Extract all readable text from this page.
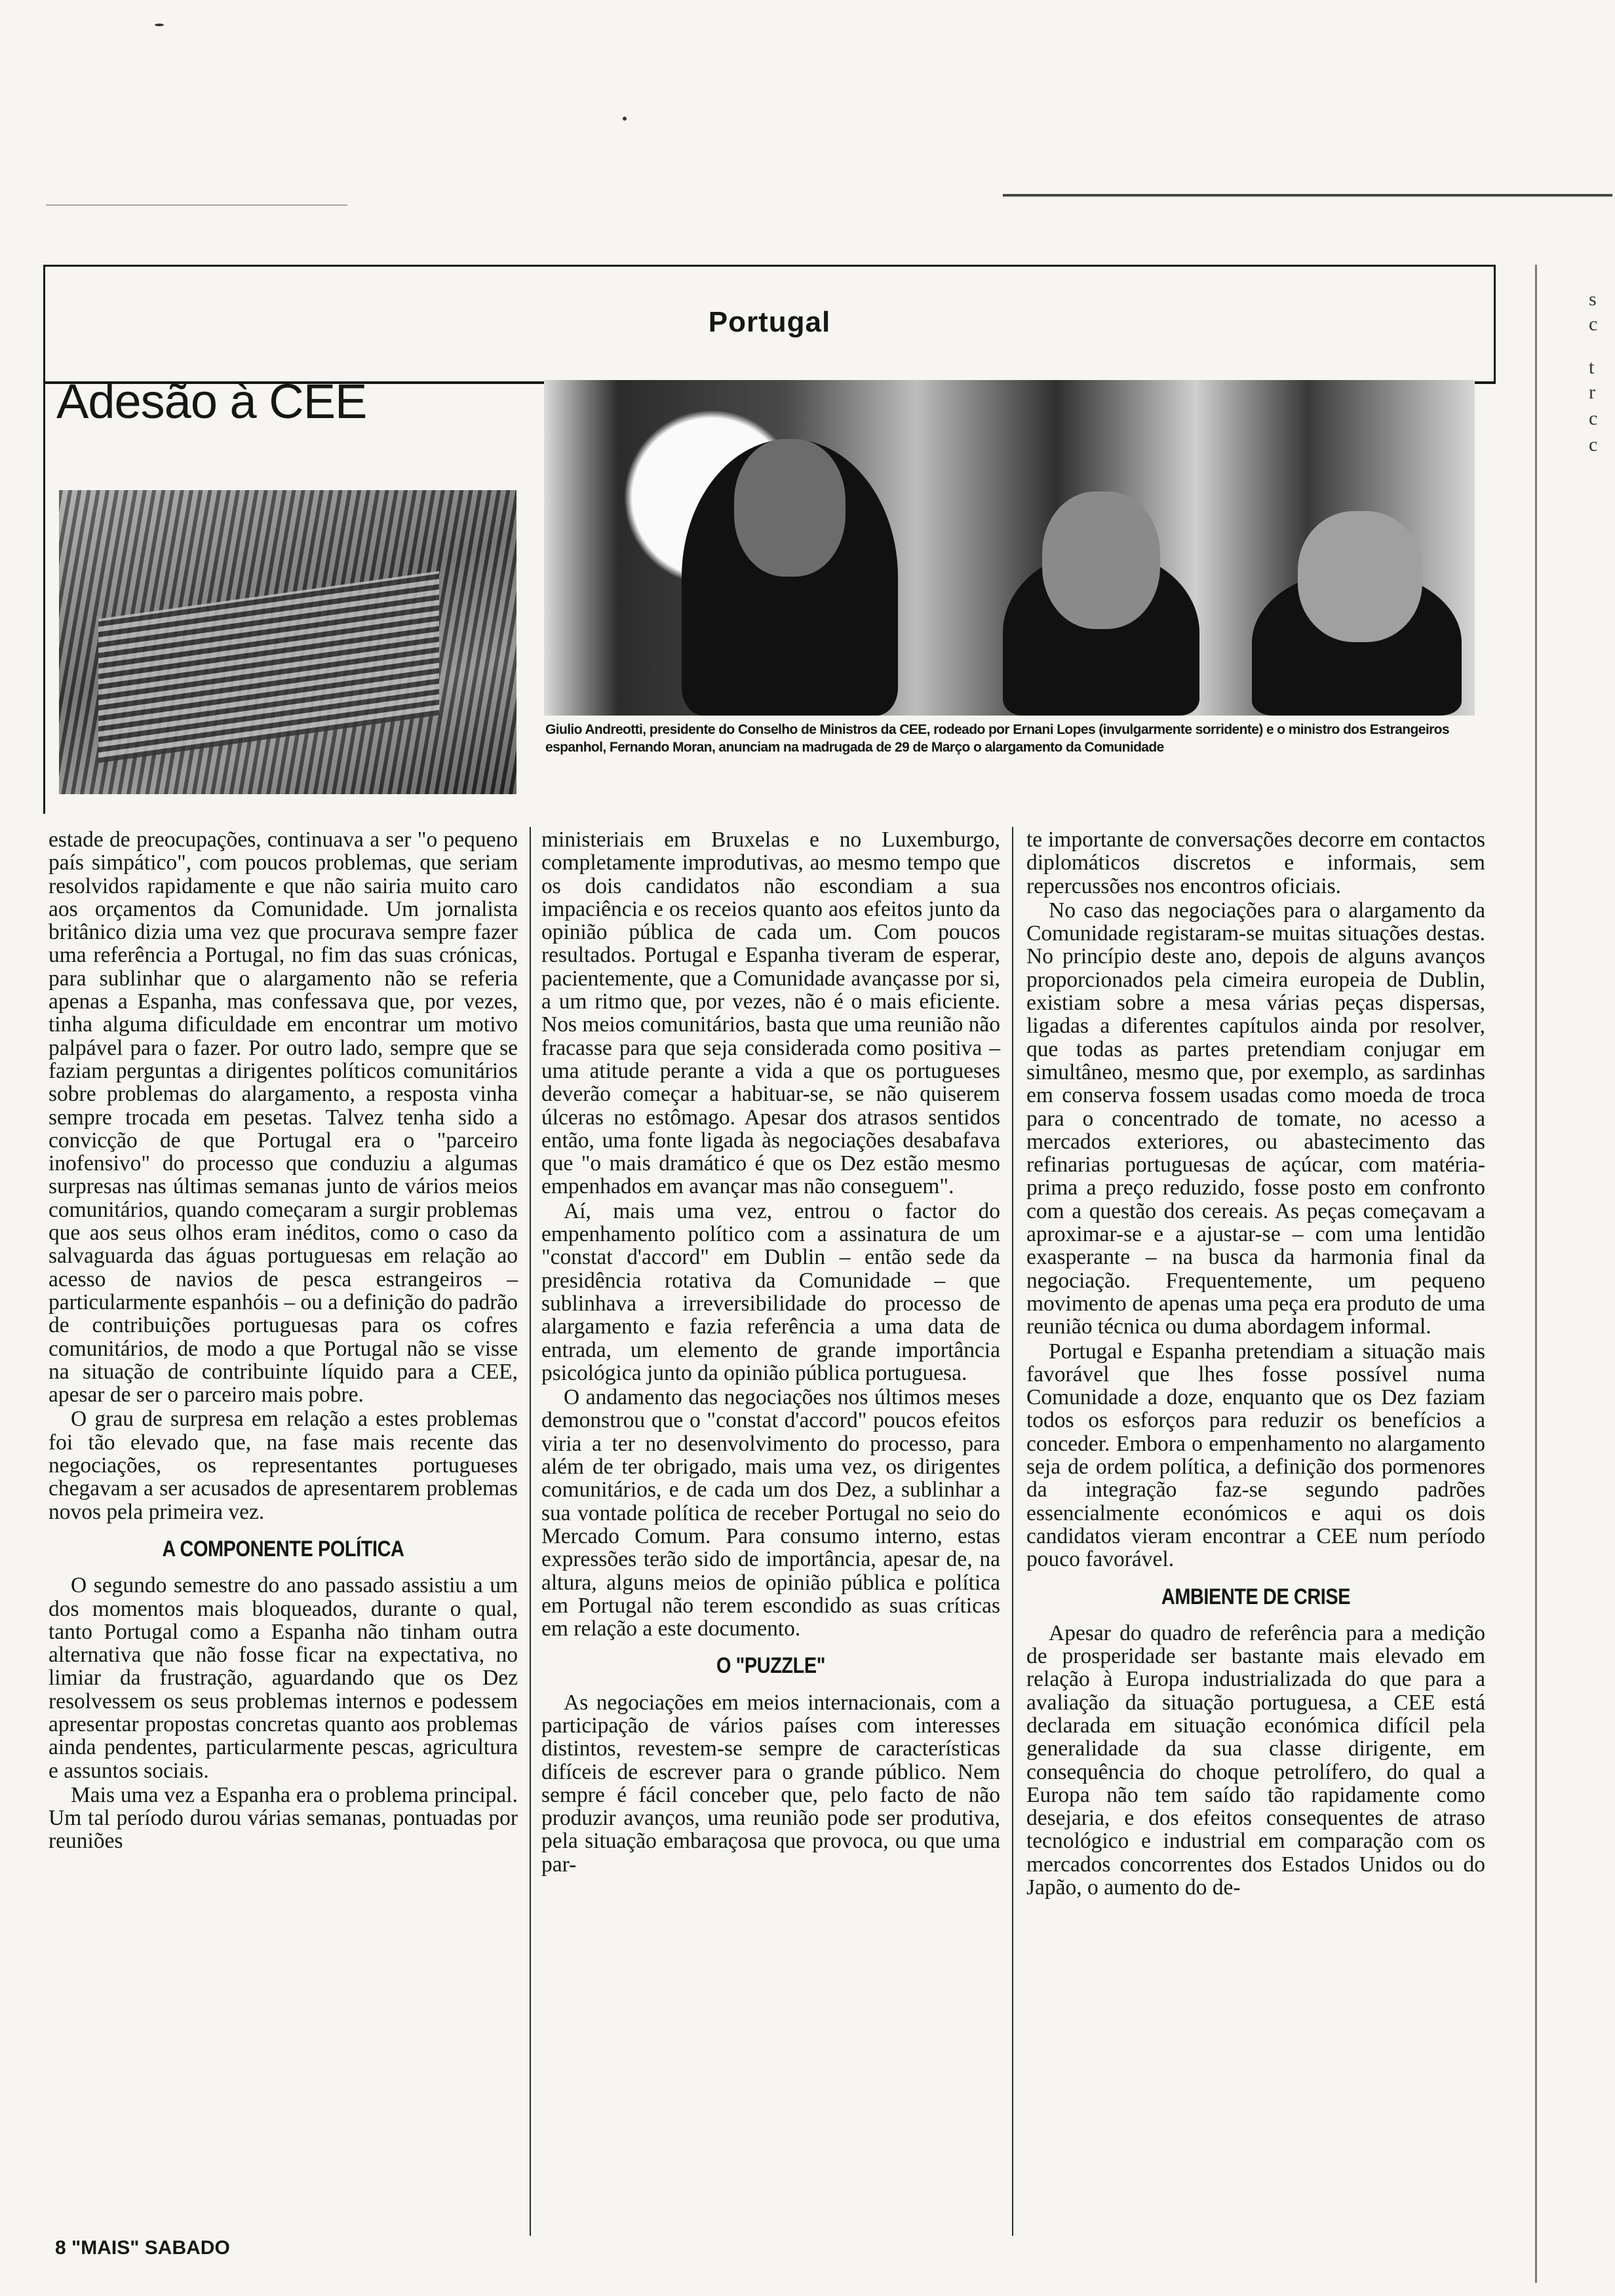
Portugal
Adesão à CEE

Giulio Andreotti, presidente do Conselho de Ministros da CEE, rodeado por Ernani Lopes (invulgarmente sorridente) e o ministro dos Estrangeiros espanhol, Fernando Moran, anunciam na madrugada de 29 de Março o alargamento da Comunidade

estade de preocupações, continuava a ser "o pequeno país simpático", com poucos problemas, que seriam resolvidos rapidamente e que não sairia muito caro aos orçamentos da Comunidade. Um jornalista britânico dizia uma vez que procurava sempre fazer uma referência a Portugal, no fim das suas crónicas, para sublinhar que o alargamento não se referia apenas a Espanha, mas confessava que, por vezes, tinha alguma dificuldade em encontrar um motivo palpável para o fazer. Por outro lado, sempre que se faziam perguntas a dirigentes políticos comunitários sobre problemas do alargamento, a resposta vinha sempre trocada em pesetas. Talvez tenha sido a convicção de que Portugal era o "parceiro inofensivo" do processo que conduziu a algumas surpresas nas últimas semanas junto de vários meios comunitários, quando começaram a surgir problemas que aos seus olhos eram inéditos, como o caso da salvaguarda das águas portuguesas em relação ao acesso de navios de pesca estrangeiros – particularmente espanhóis – ou a definição do padrão de contribuições portuguesas para os cofres comunitários, de modo a que Portugal não se visse na situação de contribuinte líquido para a CEE, apesar de ser o parceiro mais pobre.

O grau de surpresa em relação a estes problemas foi tão elevado que, na fase mais recente das negociações, os representantes portugueses chegavam a ser acusados de apresentarem problemas novos pela primeira vez.

A COMPONENTE POLÍTICA

O segundo semestre do ano passado assistiu a um dos momentos mais bloqueados, durante o qual, tanto Portugal como a Espanha não tinham outra alternativa que não fosse ficar na expectativa, no limiar da frustração, aguardando que os Dez resolvessem os seus problemas internos e podessem apresentar propostas concretas quanto aos problemas ainda pendentes, particularmente pescas, agricultura e assuntos sociais.

Mais uma vez a Espanha era o problema principal. Um tal período durou várias semanas, pontuadas por reuniões

ministeriais em Bruxelas e no Luxemburgo, completamente improdutivas, ao mesmo tempo que os dois candidatos não escondiam a sua impaciência e os receios quanto aos efeitos junto da opinião pública de cada um. Com poucos resultados. Portugal e Espanha tiveram de esperar, pacientemente, que a Comunidade avançasse por si, a um ritmo que, por vezes, não é o mais eficiente. Nos meios comunitários, basta que uma reunião não fracasse para que seja considerada como positiva – uma atitude perante a vida a que os portugueses deverão começar a habituar-se, se não quiserem úlceras no estômago. Apesar dos atrasos sentidos então, uma fonte ligada às negociações desabafava que "o mais dramático é que os Dez estão mesmo empenhados em avançar mas não conseguem".

Aí, mais uma vez, entrou o factor do empenhamento político com a assinatura de um "constat d'accord" em Dublin – então sede da presidência rotativa da Comunidade – que sublinhava a irreversibilidade do processo de alargamento e fazia referência a uma data de entrada, um elemento de grande importância psicológica junto da opinião pública portuguesa.

O andamento das negociações nos últimos meses demonstrou que o "constat d'accord" poucos efeitos viria a ter no desenvolvimento do processo, para além de ter obrigado, mais uma vez, os dirigentes comunitários, e de cada um dos Dez, a sublinhar a sua vontade política de receber Portugal no seio do Mercado Comum. Para consumo interno, estas expressões terão sido de importância, apesar de, na altura, alguns meios de opinião pública e política em Portugal não terem escondido as suas críticas em relação a este documento.

O "PUZZLE"

As negociações em meios internacionais, com a participação de vários países com interesses distintos, revestem-se sempre de características difíceis de escrever para o grande público. Nem sempre é fácil conceber que, pelo facto de não produzir avanços, uma reunião pode ser produtiva, pela situação embaraçosa que provoca, ou que uma par-

te importante de conversações decorre em contactos diplomáticos discretos e informais, sem repercussões nos encontros oficiais.

No caso das negociações para o alargamento da Comunidade registaram-se muitas situações destas. No princípio deste ano, depois de alguns avanços proporcionados pela cimeira europeia de Dublin, existiam sobre a mesa várias peças dispersas, ligadas a diferentes capítulos ainda por resolver, que todas as partes pretendiam conjugar em simultâneo, mesmo que, por exemplo, as sardinhas em conserva fossem usadas como moeda de troca para o concentrado de tomate, no acesso a mercados exteriores, ou abastecimento das refinarias portuguesas de açúcar, com matéria-prima a preço reduzido, fosse posto em confronto com a questão dos cereais. As peças começavam a aproximar-se e a ajustar-se – com uma lentidão exasperante – na busca da harmonia final da negociação. Frequentemente, um pequeno movimento de apenas uma peça era produto de uma reunião técnica ou duma abordagem informal.

Portugal e Espanha pretendiam a situação mais favorável que lhes fosse possível numa Comunidade a doze, enquanto que os Dez faziam todos os esforços para reduzir os benefícios a conceder. Embora o empenhamento no alargamento seja de ordem política, a definição dos pormenores da integração faz-se segundo padrões essencialmente económicos e aqui os dois candidatos vieram encontrar a CEE num período pouco favorável.

AMBIENTE DE CRISE

Apesar do quadro de referência para a medição de prosperidade ser bastante mais elevado em relação à Europa industrializada do que para a avaliação da situação portuguesa, a CEE está declarada em situação económica difícil pela generalidade da sua classe dirigente, em consequência do choque petrolífero, do qual a Europa não tem saído tão rapidamente como desejaria, e dos efeitos consequentes de atraso tecnológico e industrial em comparação com os mercados concorrentes dos Estados Unidos ou do Japão, o aumento do de-

8 "MAIS" SABADO
s
c
t
r
c
c
